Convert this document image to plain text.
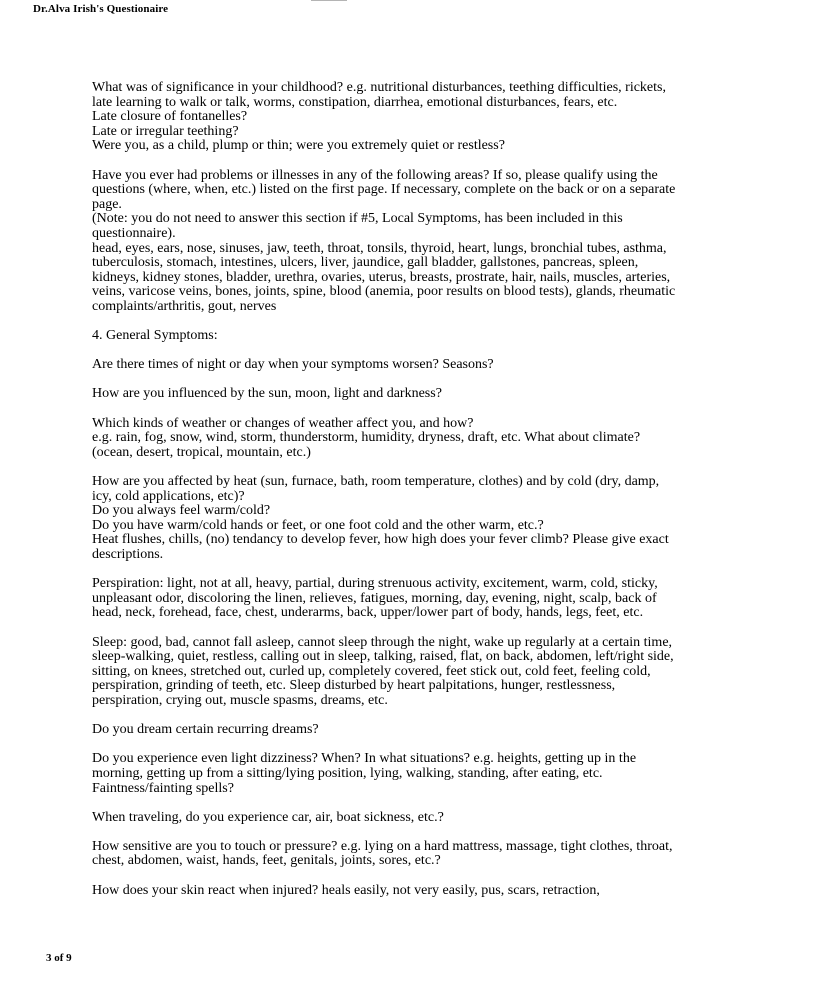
Dr.Alva Irish's Questionaire
What was of significance in your childhood? e.g. nutritional disturbances, teething difficulties, rickets,
late learning to walk or talk, worms, constipation, diarrhea, emotional disturbances, fears, etc.
Late closure of fontanelles?
Late or irregular teething?
Were you, as a child, plump or thin; were you extremely quiet or restless?
Have you ever had problems or illnesses in any of the following areas? If so, please qualify using the
questions (where, when, etc.) listed on the first page. If necessary, complete on the back or on a separate
page.
(Note: you do not need to answer this section if #5, Local Symptoms, has been included in this
questionnaire).
head, eyes, ears, nose, sinuses, jaw, teeth, throat, tonsils, thyroid, heart, lungs, bronchial tubes, asthma,
tuberculosis, stomach, intestines, ulcers, liver, jaundice, gall bladder, gallstones, pancreas, spleen,
kidneys, kidney stones, bladder, urethra, ovaries, uterus, breasts, prostrate, hair, nails, muscles, arteries,
veins, varicose veins, bones, joints, spine, blood (anemia, poor results on blood tests), glands, rheumatic
complaints/arthritis, gout, nerves
4. General Symptoms:
Are there times of night or day when your symptoms worsen? Seasons?
How are you influenced by the sun, moon, light and darkness?
Which kinds of weather or changes of weather affect you, and how?
e.g. rain, fog, snow, wind, storm, thunderstorm, humidity, dryness, draft, etc. What about climate?
(ocean, desert, tropical, mountain, etc.)
How are you affected by heat (sun, furnace, bath, room temperature, clothes) and by cold (dry, damp,
icy, cold applications, etc)?
Do you always feel warm/cold?
Do you have warm/cold hands or feet, or one foot cold and the other warm, etc.?
Heat flushes, chills, (no) tendancy to develop fever, how high does your fever climb? Please give exact
descriptions.
Perspiration: light, not at all, heavy, partial, during strenuous activity, excitement, warm, cold, sticky,
unpleasant odor, discoloring the linen, relieves, fatigues, morning, day, evening, night, scalp, back of
head, neck, forehead, face, chest, underarms, back, upper/lower part of body, hands, legs, feet, etc.
Sleep: good, bad, cannot fall asleep, cannot sleep through the night, wake up regularly at a certain time,
sleep-walking, quiet, restless, calling out in sleep, talking, raised, flat, on back, abdomen, left/right side,
sitting, on knees, stretched out, curled up, completely covered, feet stick out, cold feet, feeling cold,
perspiration, grinding of teeth, etc. Sleep disturbed by heart palpitations, hunger, restlessness,
perspiration, crying out, muscle spasms, dreams, etc.
Do you dream certain recurring dreams?
Do you experience even light dizziness? When? In what situations? e.g. heights, getting up in the
morning, getting up from a sitting/lying position, lying, walking, standing, after eating, etc.
Faintness/fainting spells?
When traveling, do you experience car, air, boat sickness, etc.?
How sensitive are you to touch or pressure? e.g. lying on a hard mattress, massage, tight clothes, throat,
chest, abdomen, waist, hands, feet, genitals, joints, sores, etc.?
How does your skin react when injured? heals easily, not very easily, pus, scars, retraction,
3 of 9
